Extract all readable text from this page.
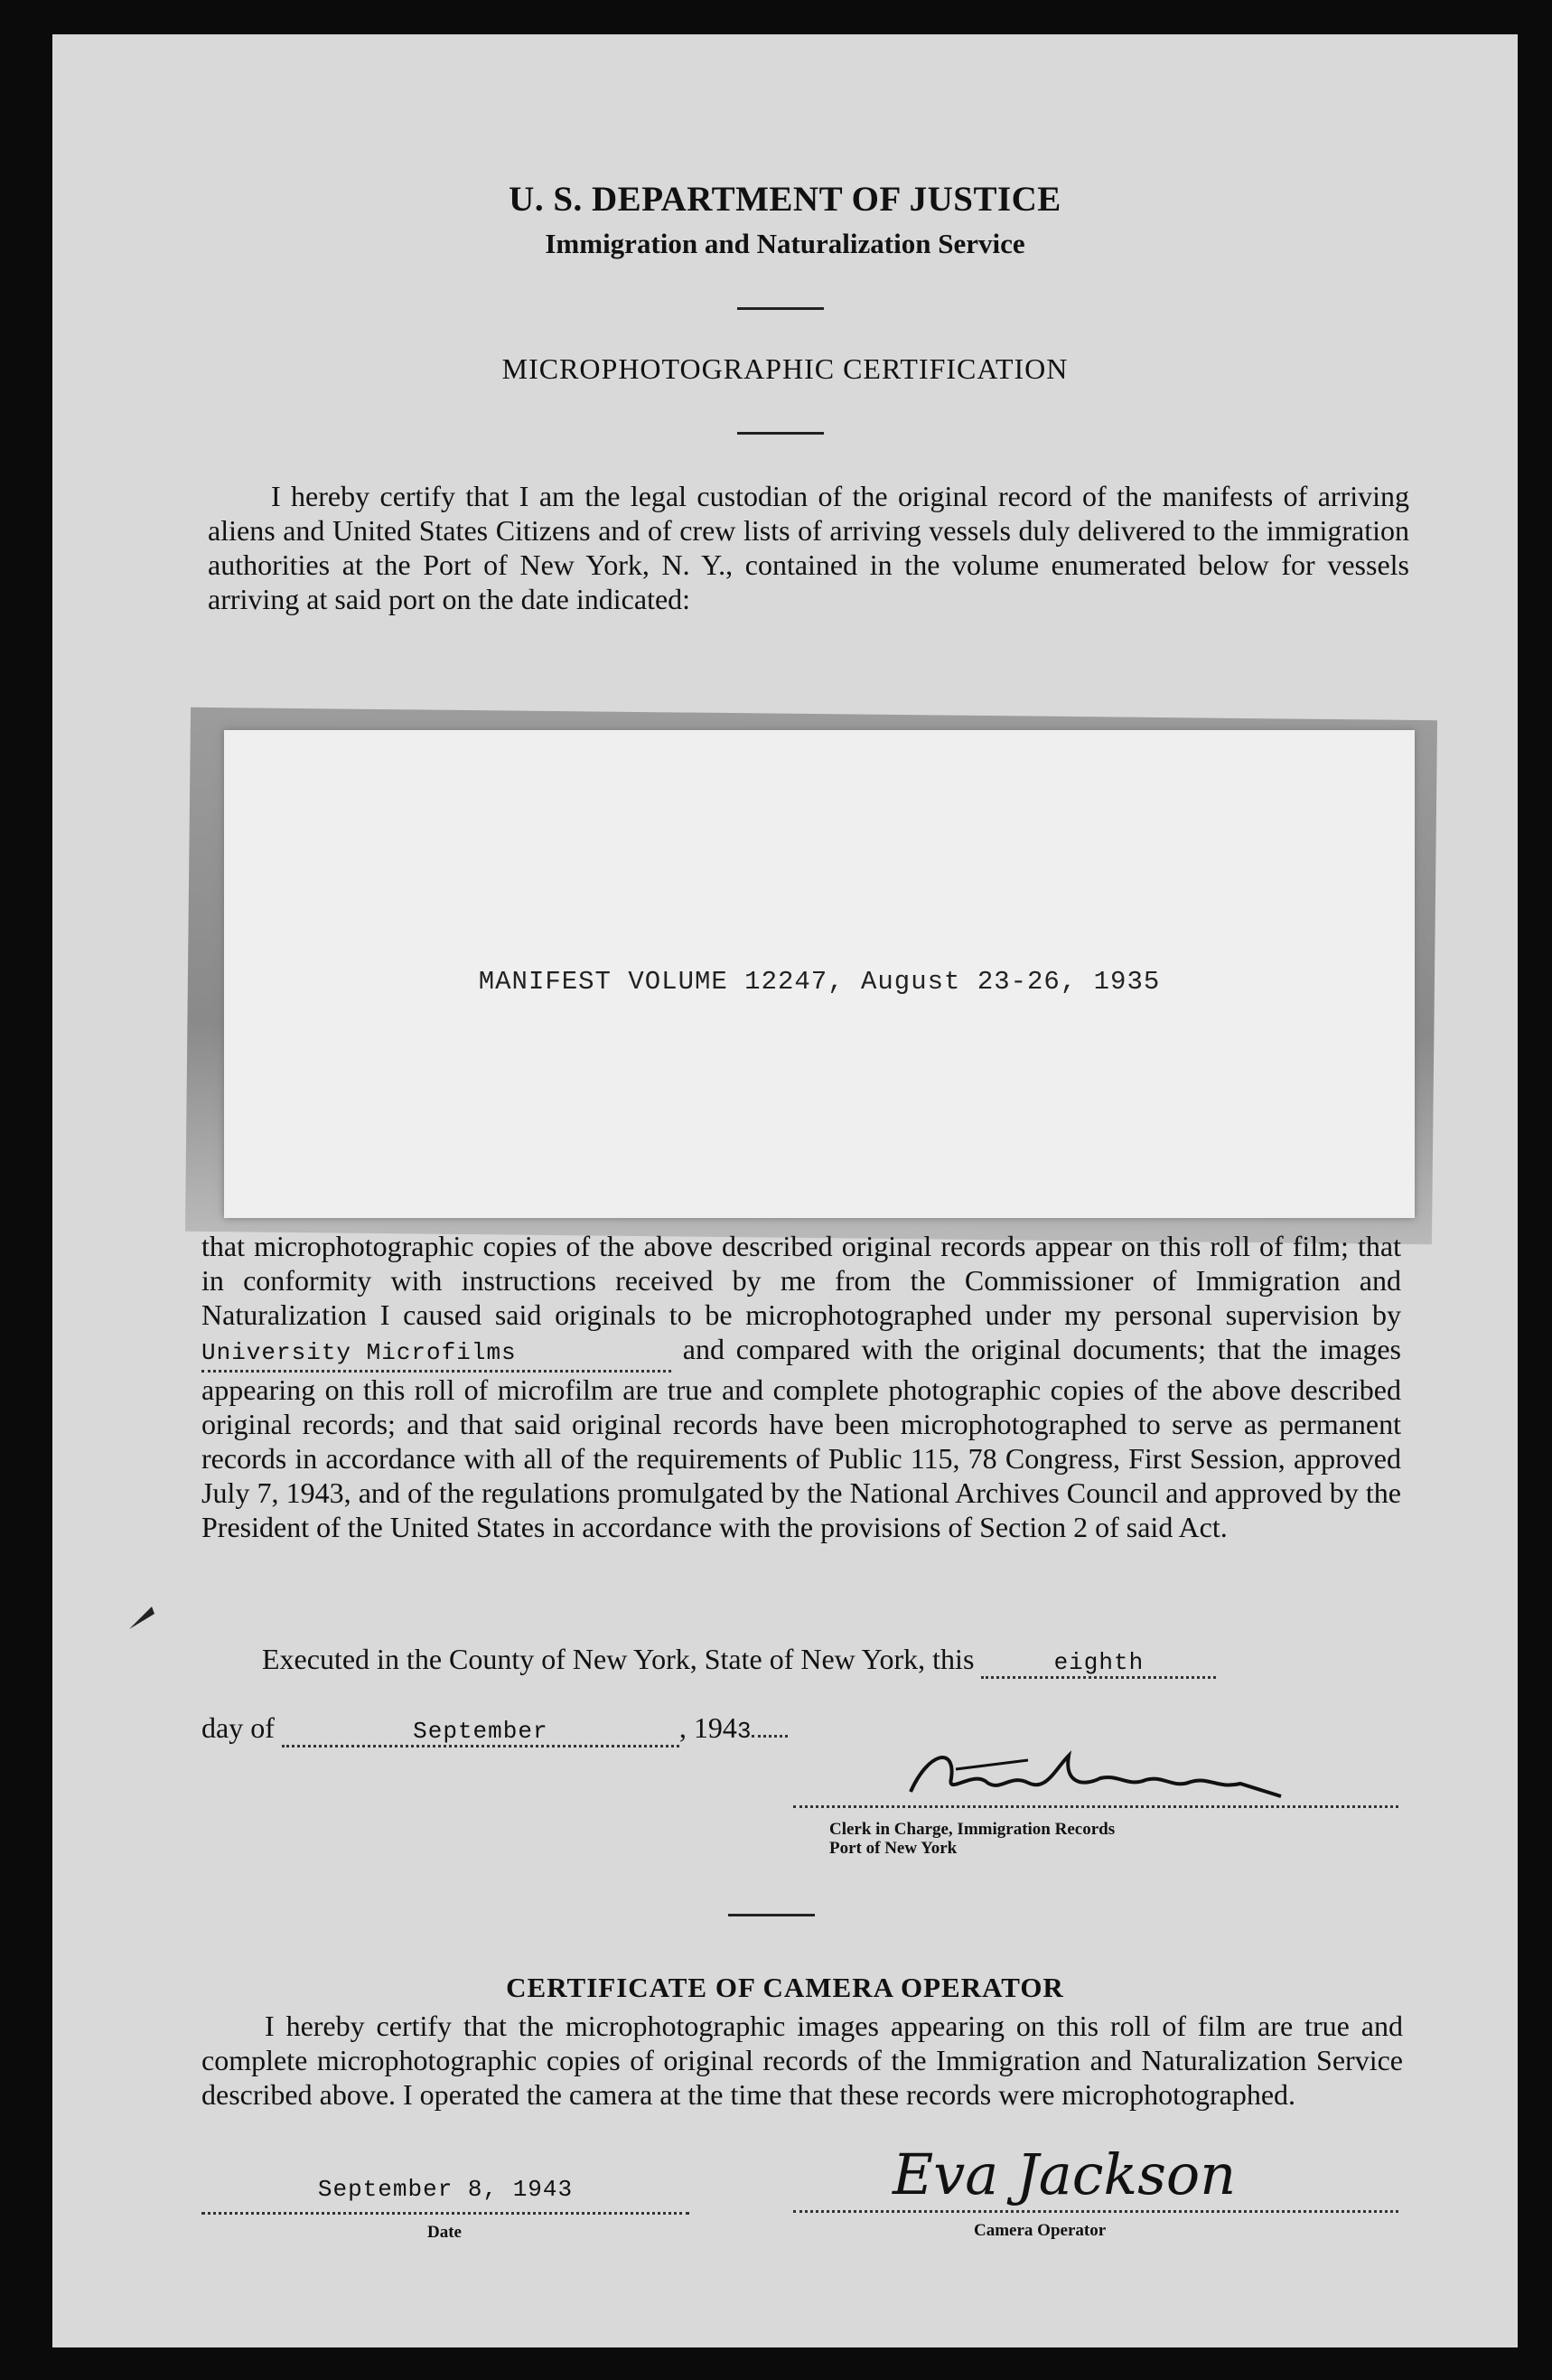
U. S. DEPARTMENT OF JUSTICE
Immigration and Naturalization Service
MICROPHOTOGRAPHIC CERTIFICATION
I hereby certify that I am the legal custodian of the original record of the manifests of arriving aliens and United States Citizens and of crew lists of arriving vessels duly delivered to the immigration authorities at the Port of New York, N. Y., contained in the volume enumerated below for vessels arriving at said port on the date indicated:
MANIFEST VOLUME 12247, August 23-26, 1935
that microphotographic copies of the above described original records appear on this roll of film; that in conformity with instructions received by me from the Commissioner of Immigration and Naturalization I caused said originals to be microphotographed under my personal supervision by University Microfilms	and compared with the original documents; that the images appearing on this roll of microfilm are true and complete photographic copies of the above described original records; and that said original records have been microphotographed to serve as permanent records in accordance with all of the requirements of Public 115, 78 Congress, First Session, approved July 7, 1943, and of the regulations promulgated by the National Archives Council and approved by the President of the United States in accordance with the provisions of Section 2 of said Act.
Executed in the County of New York, State of New York, this	eighth
day of	September	, 1943
Clerk in Charge, Immigration Records
Port of New York
CERTIFICATE OF CAMERA OPERATOR
I hereby certify that the microphotographic images appearing on this roll of film are true and complete microphotographic copies of original records of the Immigration and Naturalization Service described above. I operated the camera at the time that these records were microphotographed.
September 8, 1943
Date
Eva Jackson
Camera Operator
